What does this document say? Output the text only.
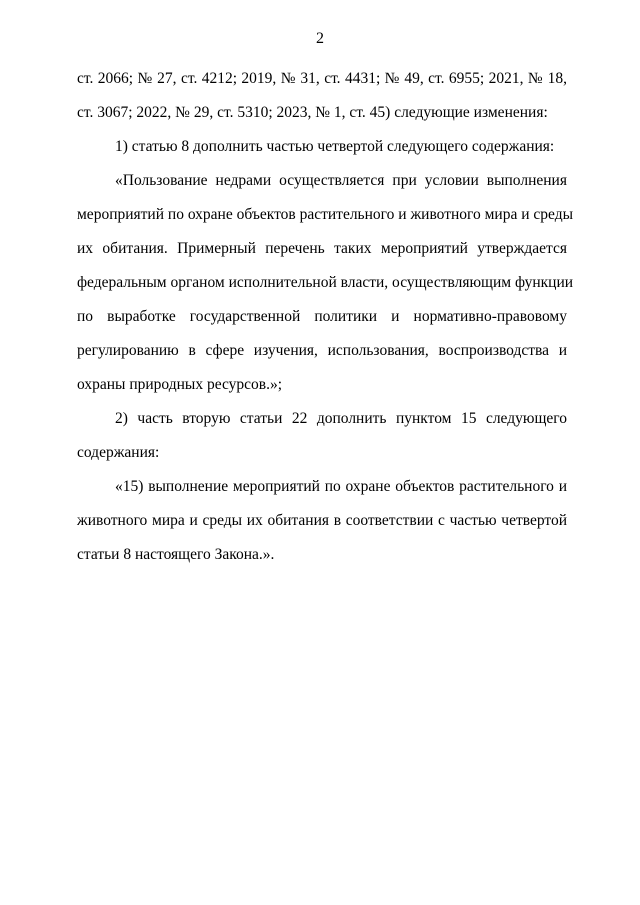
2
ст. 2066; № 27, ст. 4212; 2019, № 31, ст. 4431; № 49, ст. 6955; 2021, № 18,
ст. 3067; 2022, № 29, ст. 5310; 2023, № 1, ст. 45) следующие изменения:
1) статью 8 дополнить частью четвертой следующего содержания:
«Пользование недрами осуществляется при условии выполнения
мероприятий по охране объектов растительного и животного мира и среды
их обитания. Примерный перечень таких мероприятий утверждается
федеральным органом исполнительной власти, осуществляющим функции
по выработке государственной политики и нормативно-правовому
регулированию в сфере изучения, использования, воспроизводства и
охраны природных ресурсов.»;
2) часть вторую статьи 22 дополнить пунктом 15 следующего
содержания:
«15) выполнение мероприятий по охране объектов растительного и
животного мира и среды их обитания в соответствии с частью четвертой
статьи 8 настоящего Закона.».
